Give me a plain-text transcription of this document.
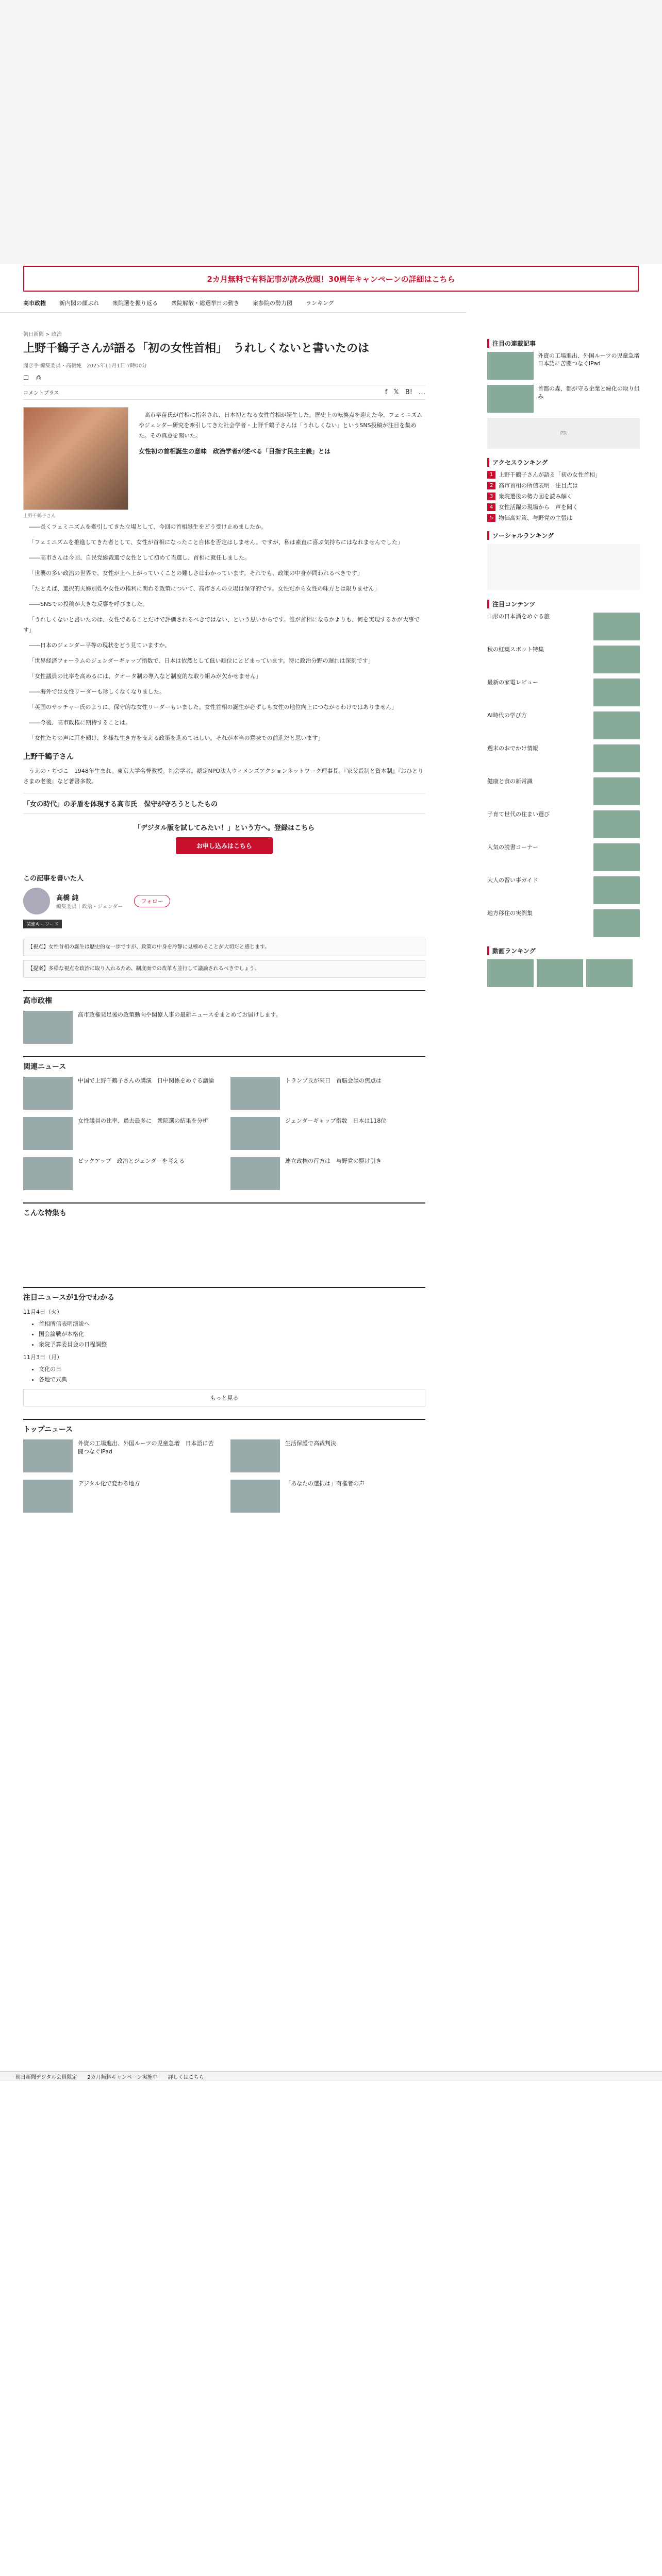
2カ月無料で有料記事が読み放題！30周年キャンペーンの詳細はこちら
高市政権 新内閣の顔ぶれ 衆院選を振り返る 衆院解散・総選挙日の動き 衆参院の勢力図 ランキング
朝日新聞 > 政治
上野千鶴子さんが語る「初の女性首相」　うれしくないと書いたのは
聞き手 編集委員・高橋純　2025年11月1日 7時00分
☐ ⎙
コメントプラス	f 𝕏 B! …
上野千鶴子さん

高市早苗氏が首相に指名され、日本初となる女性首相が誕生した。歴史上の転換点を迎えた今、フェミニズムやジェンダー研究を牽引してきた社会学者・上野千鶴子さんは「うれしくない」というSNS投稿が注目を集めた。その真意を聞いた。

女性初の首相誕生の意味　政治学者が述べる「目指す民主主義」とは

――長くフェミニズムを牽引してきた立場として、今回の首相誕生をどう受け止めましたか。

「フェミニズムを推進してきた者として、女性が首相になったこと自体を否定はしません。ですが、私は素直に喜ぶ気持ちにはなれませんでした」

――高市さんは今回、自民党総裁選で女性として初めて当選し、首相に就任しました。

「世襲の多い政治の世界で、女性が上へ上がっていくことの難しさはわかっています。それでも、政策の中身が問われるべきです」

「たとえば、選択的夫婦別姓や女性の権利に関わる政策について、高市さんの立場は保守的です。女性だから女性の味方とは限りません」

――SNSでの投稿が大きな反響を呼びました。

「うれしくないと書いたのは、女性であることだけで評価されるべきではない、という思いからです。誰が首相になるかよりも、何を実現するかが大事です」

――日本のジェンダー平等の現状をどう見ていますか。

「世界経済フォーラムのジェンダーギャップ指数で、日本は依然として低い順位にとどまっています。特に政治分野の遅れは深刻です」

「女性議員の比率を高めるには、クオータ制の導入など制度的な取り組みが欠かせません」

――海外では女性リーダーも珍しくなくなりました。

「英国のサッチャー氏のように、保守的な女性リーダーもいました。女性首相の誕生が必ずしも女性の地位向上につながるわけではありません」

――今後、高市政権に期待することは。

「女性たちの声に耳を傾け、多様な生き方を支える政策を進めてほしい。それが本当の意味での前進だと思います」

上野千鶴子さん

うえの・ちづこ　1948年生まれ。東京大学名誉教授。社会学者。認定NPO法人ウィメンズアクションネットワーク理事長。『家父長制と資本制』『おひとりさまの老後』など著書多数。

「女の時代」の矛盾を体現する高市氏　保守が守ろうとしたもの
「デジタル版を試してみたい！」という方へ。登録はこちら
お申し込みはこちら
この記事を書いた人
高橋 純
編集委員｜政治・ジェンダー
フォロー
関連キーワード
【視点】女性首相の誕生は歴史的な一歩ですが、政策の中身を冷静に見極めることが大切だと感じます。
【提案】多様な視点を政治に取り入れるため、制度面での改革も並行して議論されるべきでしょう。
高市政権
高市政権発足後の政策動向や閣僚人事の最新ニュースをまとめてお届けします。
関連ニュース
中国で上野千鶴子さんの講演　日中関係をめぐる議論	トランプ氏が来日　首脳会談の焦点は
女性議員の比率、過去最多に　衆院選の結果を分析	ジェンダーギャップ指数　日本は118位
ピックアップ　政治とジェンダーを考える	連立政権の行方は　与野党の駆け引き
こんな特集も
注目ニュースが1分でわかる
11月4日（火）
• 首相所信表明演説へ
• 国会論戦が本格化
• 衆院予算委員会の日程調整
11月3日（月）
• 文化の日
• 各地で式典
もっと見る
トップニュース
外資の工場進出、外国ルーツの児童急増　日本語に苦闘つなぐiPad
生活保護で高裁判決
デジタル化で変わる地方	「あなたの選択は」有権者の声
注目の連載記事
外資の工場進出、外国ルーツの児童急増　日本語に苦闘つなぐiPad
首都の森、都が守る企業と緑化の取り組み
PR
アクセスランキング
1 上野千鶴子さんが語る「初の女性首相」
2 高市首相の所信表明　注目点は
3 衆院選後の勢力図を読み解く
4 女性活躍の現場から　声を聞く
5 物価高対策、与野党の主張は
ソーシャルランキング
注目コンテンツ
山形の日本酒をめぐる旅
秋の紅葉スポット特集
最新の家電レビュー
AI時代の学び方
週末のおでかけ情報
健康と食の新常識
子育て世代の住まい選び
人気の読書コーナー
大人の習い事ガイド
地方移住の実例集
動画ランキング
朝日新聞デジタル会員限定 2カ月無料キャンペーン実施中 詳しくはこちら
